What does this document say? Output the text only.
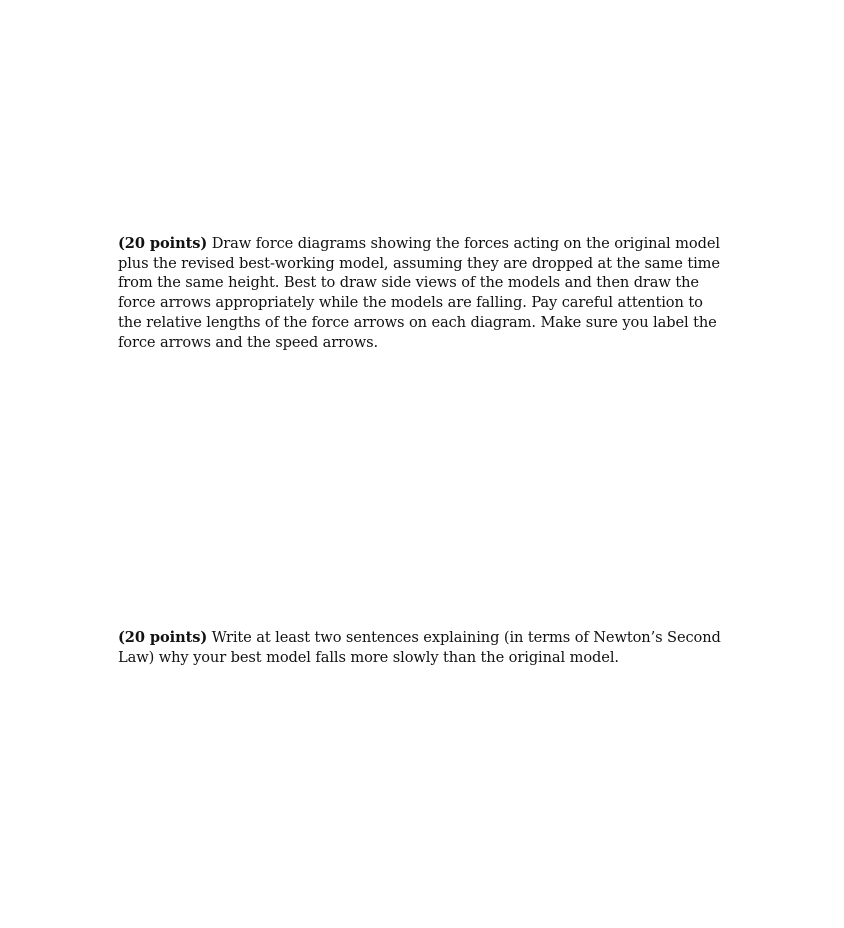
(20 points) Draw force diagrams showing the forces acting on the original model plus the revised best-working model, assuming they are dropped at the same time from the same height. Best to draw side views of the models and then draw the force arrows appropriately while the models are falling. Pay careful attention to the relative lengths of the force arrows on each diagram. Make sure you label the force arrows and the speed arrows.

(20 points) Write at least two sentences explaining (in terms of Newton’s Second Law) why your best model falls more slowly than the original model.
